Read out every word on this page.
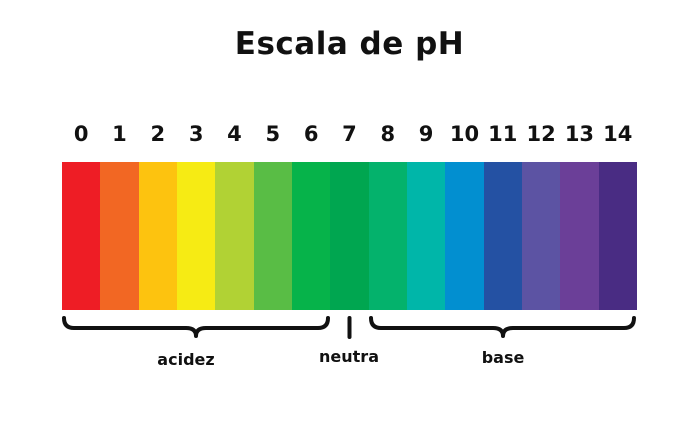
Escala de pH
0	1	2	3	4	5	6	7	8	9 10 11 12 13 14
acidez	neutra	base
